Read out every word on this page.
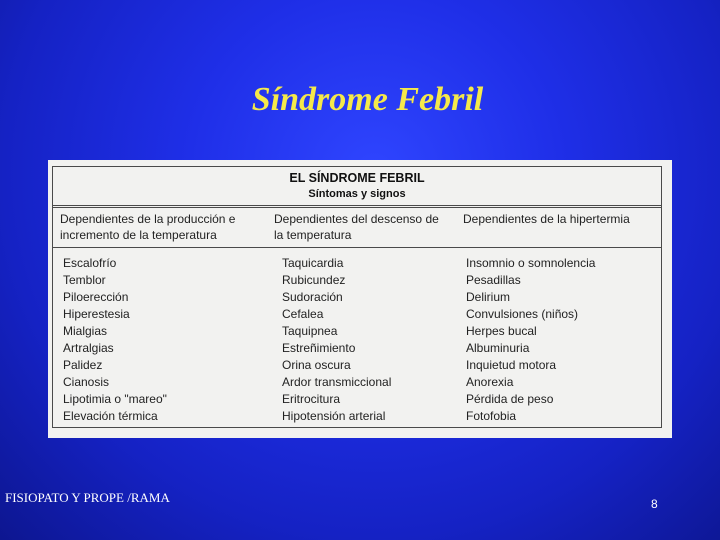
Síndrome Febril
EL SÍNDROME FEBRIL
Síntomas y signos
Dependientes de la producción e
incremento de la temperatura
Dependientes del descenso de
la temperatura
Dependientes de la hipertermia
Escalofrío
Temblor
Piloerección
Hiperestesia
Mialgias
Artralgias
Palidez
Cianosis
Lipotimia o "mareo"
Elevación térmica
Taquicardia
Rubicundez
Sudoración
Cefalea
Taquipnea
Estreñimiento
Orina oscura
Ardor transmiccional
Eritrocitura
Hipotensión arterial
Insomnio o somnolencia
Pesadillas
Delirium
Convulsiones (niños)
Herpes bucal
Albuminuria
Inquietud motora
Anorexia
Pérdida de peso
Fotofobia
FISIOPATO Y PROPE /RAMA	8
